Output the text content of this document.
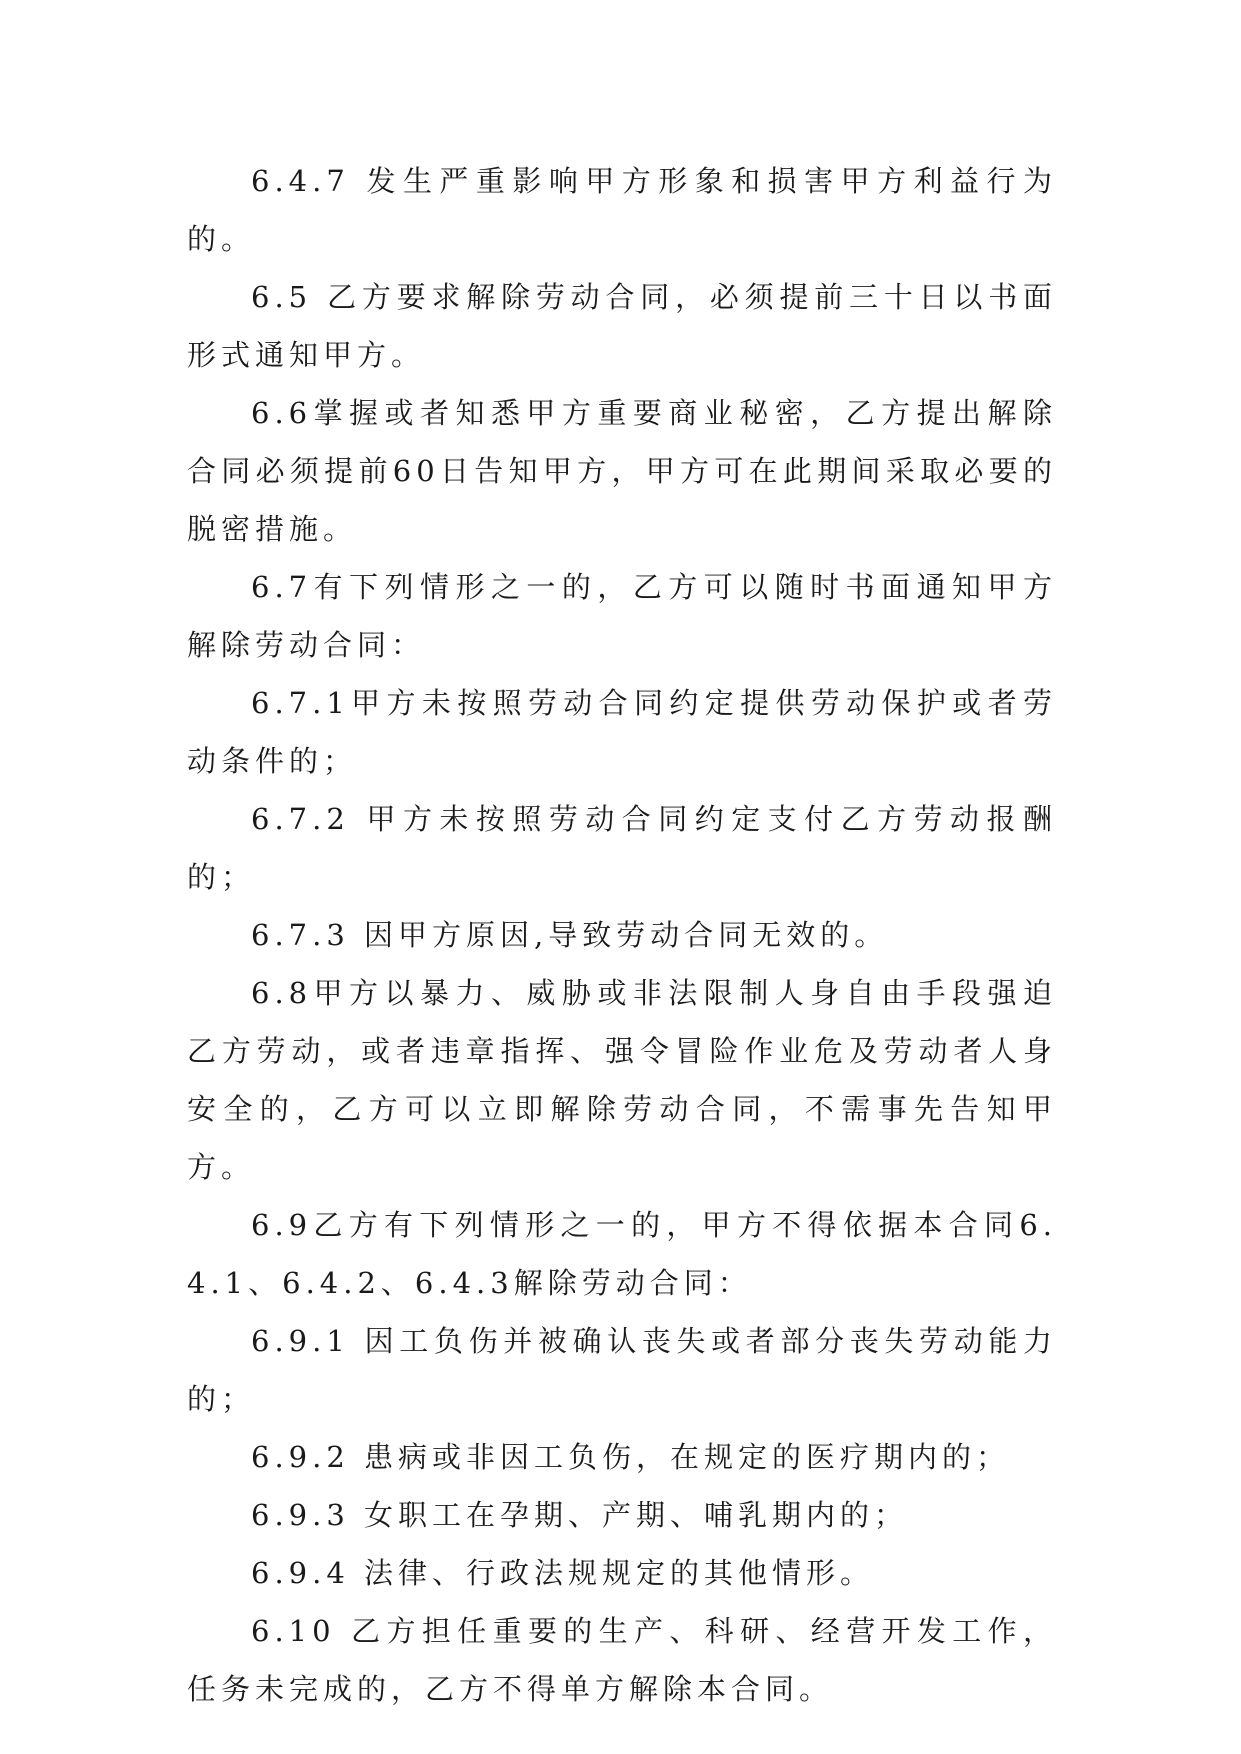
6.4.7 发生严重影响甲方形象和损害甲方利益行为的。

6.5 乙方要求解除劳动合同，必须提前三十日以书面形式通知甲方。

6.6掌握或者知悉甲方重要商业秘密，乙方提出解除合同必须提前60日告知甲方，甲方可在此期间采取必要的脱密措施。

6.7有下列情形之一的，乙方可以随时书面通知甲方解除劳动合同：

6.7.1甲方未按照劳动合同约定提供劳动保护或者劳动条件的；

6.7.2 甲方未按照劳动合同约定支付乙方劳动报酬的；

6.7.3 因甲方原因,导致劳动合同无效的。

6.8甲方以暴力、威胁或非法限制人身自由手段强迫乙方劳动，或者违章指挥、强令冒险作业危及劳动者人身安全的，乙方可以立即解除劳动合同，不需事先告知甲方。

6.9乙方有下列情形之一的，甲方不得依据本合同6.4.1、6.4.2、6.4.3解除劳动合同：

6.9.1 因工负伤并被确认丧失或者部分丧失劳动能力的；

6.9.2 患病或非因工负伤，在规定的医疗期内的；

6.9.3 女职工在孕期、产期、哺乳期内的；

6.9.4 法律、行政法规规定的其他情形。

6.10 乙方担任重要的生产、科研、经营开发工作，任务未完成的，乙方不得单方解除本合同。
